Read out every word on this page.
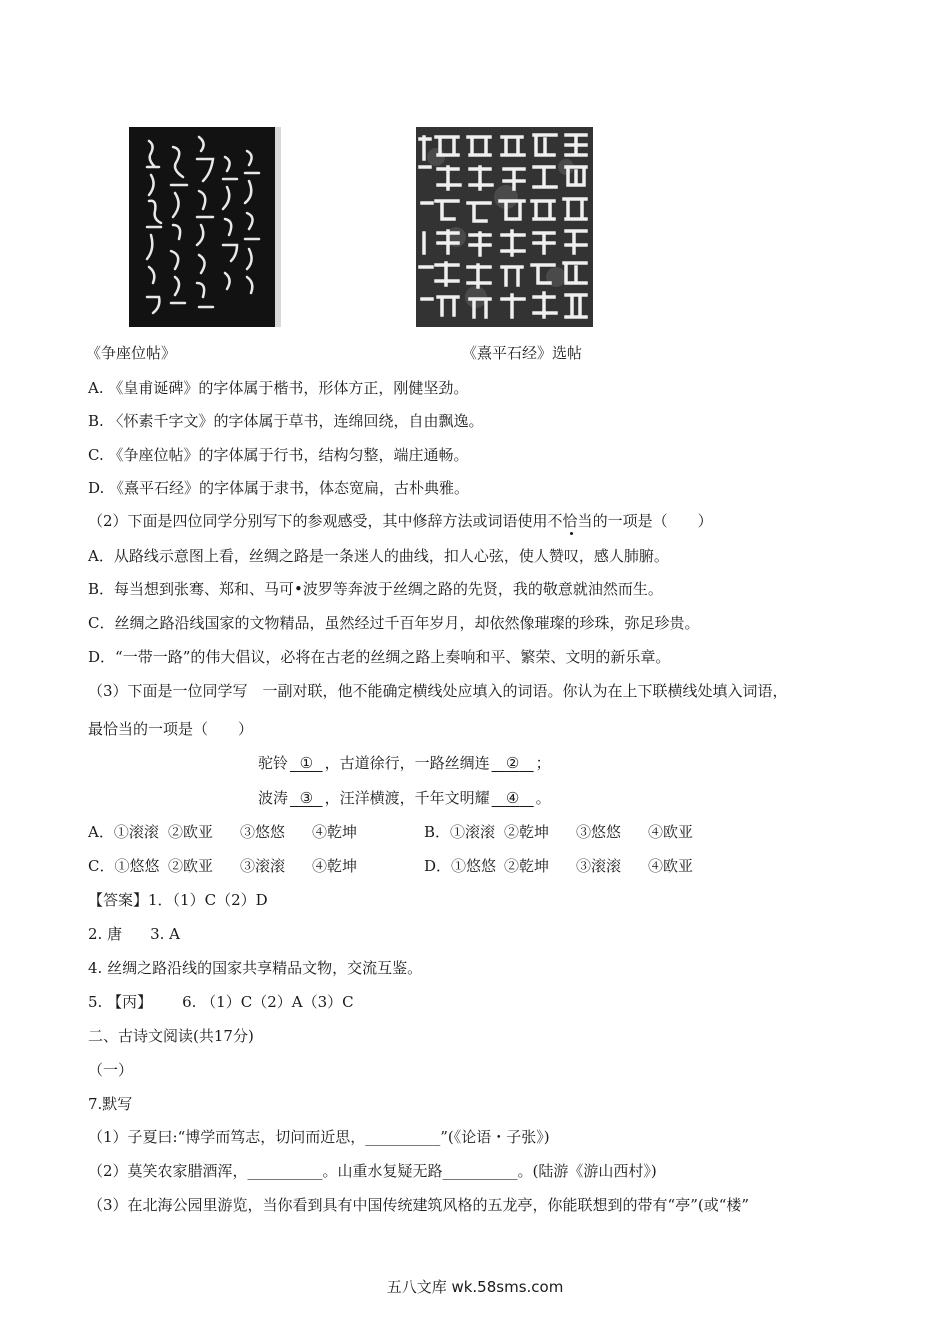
《争座位帖》	《熹平石经》选帖
A. 《皇甫诞碑》的字体属于楷书，形体方正，刚健坚劲。
B. 〈怀素千字文》的字体属于草书，连绵回绕，自由飘逸。
C. 《争座位帖》的字体属于行书，结构匀整，端庄通畅。
D. 《熹平石经》的字体属于隶书，体态宽扁，古朴典雅。
（2）下面是四位同学分别写下的参观感受，其中修辞方法或词语使用不恰当的一项是（　　）
A．从路线示意图上看，丝绸之路是一条迷人的曲线，扣人心弦，使人赞叹，感人肺腑。
B．每当想到张骞、郑和、马可•波罗等奔波于丝绸之路的先贤，我的敬意就油然而生。
C．丝绸之路沿线国家的文物精品，虽然经过千百年岁月，却依然像璀璨的珍珠，弥足珍贵。
D．“一带一路”的伟大倡议，必将在古老的丝绸之路上奏响和平、繁荣、文明的新乐章。
（3）下面是一位同学写　一副对联，他不能确定横线处应填入的词语。你认为在上下联横线处填入词语，
最恰当的一项是（　　）
驼铃 ① ，古道徐行，一路丝绸连 ② ；
波涛 ③ ，汪洋横渡，千年文明耀 ④ 。
A．①滚滚 ②欧亚 ③悠悠 ④乾坤	B．①滚滚 ②乾坤 ③悠悠 ④欧亚
C．①悠悠 ②欧亚 ③滚滚 ④乾坤	D．①悠悠 ②乾坤 ③滚滚 ④欧亚
【答案】1．（1）C（2）D
2. 唐 3. A
4. 丝绸之路沿线的国家共享精品文物，交流互鉴。
5. 【丙】 6. （1）C（2）A（3）C
二、古诗文阅读(共17分)
（一）
7.默写
（1）子夏曰:“博学而笃志，切问而近思，__________”(《论语・子张》)
（2）莫笑农家腊酒浑，__________。山重水复疑无路__________。(陆游《游山西村》)
（3）在北海公园里游览，当你看到具有中国传统建筑风格的五龙亭，你能联想到的带有“亭”(或“楼”
五八文库 wk.58sms.com
